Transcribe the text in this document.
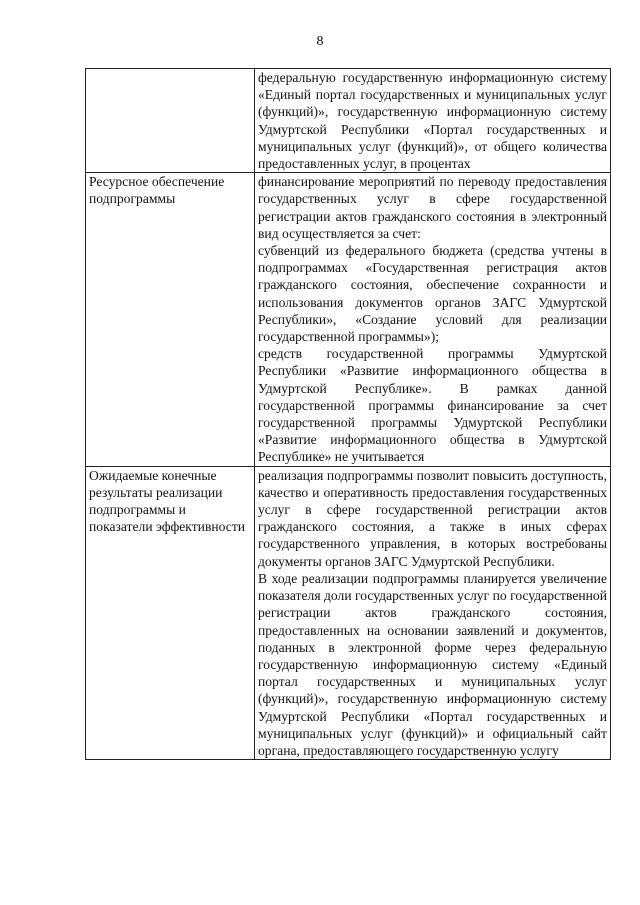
8

	федеральную государственную информационную систему «Единый портал государственных и муниципальных услуг (функций)», государственную информационную систему Удмуртской Республики «Портал государственных и муниципальных услуг (функций)», от общего количества предоставленных услуг, в процентах

Ресурсное обеспечение подпрограммы	финансирование мероприятий по переводу предоставления государственных услуг в сфере государственной регистрации актов гражданского состояния в электронный вид осуществляется за счет:

субвенций из федерального бюджета (средства учтены в подпрограммах «Государственная регистрация актов гражданского состояния, обеспечение сохранности и использования документов органов ЗАГС Удмуртской Республики», «Создание условий для реализации государственной программы»);

средств государственной программы Удмуртской Республики «Развитие информационного общества в Удмуртской Республике». В рамках данной государственной программы финансирование за счет государственной программы Удмуртской Республики «Развитие информационного общества в Удмуртской Республике» не учитывается

Ожидаемые конечные результаты реализации подпрограммы и показатели эффективности	реализация подпрограммы позволит повысить доступность, качество и оперативность предоставления государственных услуг в сфере государственной регистрации актов гражданского состояния, а также в иных сферах государственного управления, в которых востребованы документы органов ЗАГС Удмуртской Республики.

В ходе реализации подпрограммы планируется увеличение показателя доли государственных услуг по государственной регистрации актов гражданского состояния, предоставленных на основании заявлений и документов, поданных в электронной форме через федеральную государственную информационную систему «Единый портал государственных и муниципальных услуг (функций)», государственную информационную систему Удмуртской Республики «Портал государственных и муниципальных услуг (функций)» и официальный сайт органа, предоставляющего государственную услугу
